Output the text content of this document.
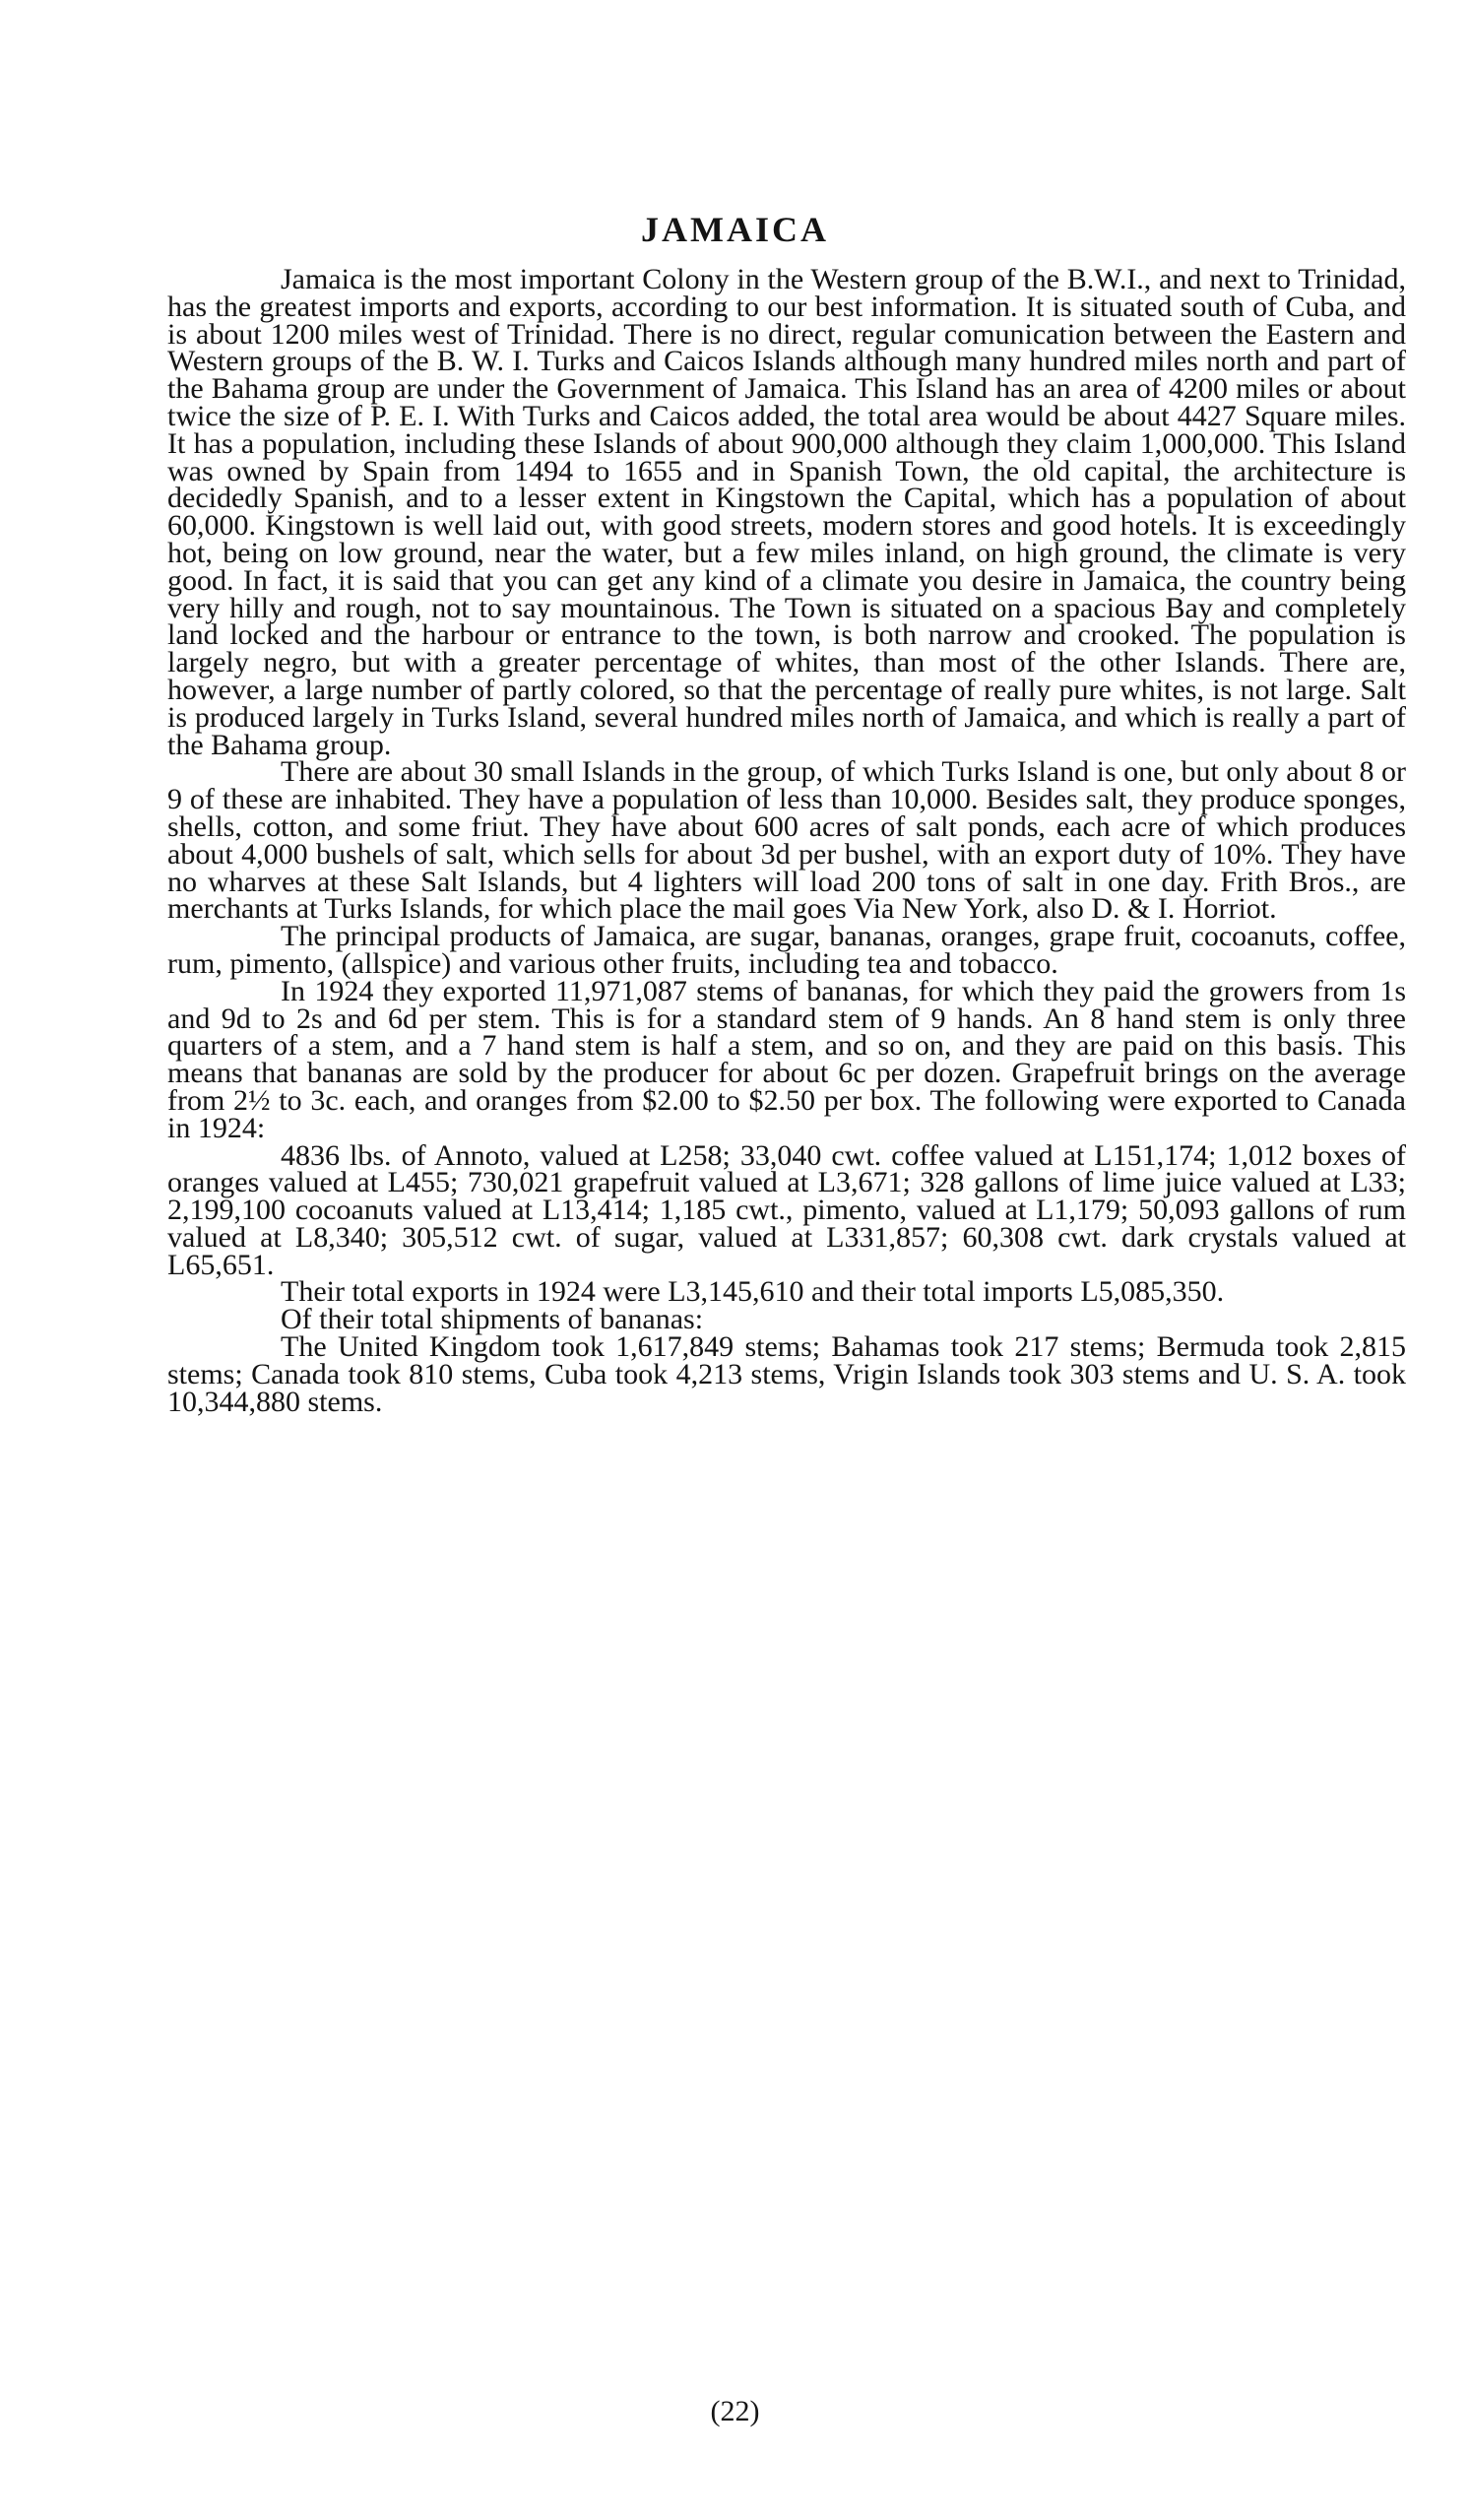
JAMAICA

Jamaica is the most important Colony in the Western group of the B.W.I., and next to Trinidad, has the greatest imports and exports, according to our best information. It is situated south of Cuba, and is about 1200 miles west of Trinidad. There is no direct, regular comunication between the Eastern and Western groups of the B. W. I. Turks and Caicos Islands although many hundred miles north and part of the Bahama group are under the Government of Jamaica. This Island has an area of 4200 miles or about twice the size of P. E. I. With Turks and Caicos added, the total area would be about 4427 Square miles. It has a population, including these Islands of about 900,000 although they claim 1,000,000. This Island was owned by Spain from 1494 to 1655 and in Spanish Town, the old capital, the architecture is decidedly Spanish, and to a lesser extent in Kingstown the Capital, which has a population of about 60,000. Kingstown is well laid out, with good streets, modern stores and good hotels. It is exceedingly hot, being on low ground, near the water, but a few miles inland, on high ground, the climate is very good. In fact, it is said that you can get any kind of a climate you desire in Jamaica, the country being very hilly and rough, not to say mountainous. The Town is situated on a spacious Bay and completely land locked and the harbour or entrance to the town, is both narrow and crooked. The population is largely negro, but with a greater percentage of whites, than most of the other Islands. There are, however, a large number of partly colored, so that the percentage of really pure whites, is not large. Salt is produced largely in Turks Island, several hundred miles north of Jamaica, and which is really a part of the Bahama group.

There are about 30 small Islands in the group, of which Turks Island is one, but only about 8 or 9 of these are inhabited. They have a population of less than 10,000. Besides salt, they produce sponges, shells, cotton, and some friut. They have about 600 acres of salt ponds, each acre of which produces about 4,000 bushels of salt, which sells for about 3d per bushel, with an export duty of 10%. They have no wharves at these Salt Islands, but 4 lighters will load 200 tons of salt in one day. Frith Bros., are merchants at Turks Islands, for which place the mail goes Via New York, also D. & I. Horriot.

The principal products of Jamaica, are sugar, bananas, oranges, grape fruit, cocoanuts, coffee, rum, pimento, (allspice) and various other fruits, including tea and tobacco.

In 1924 they exported 11,971,087 stems of bananas, for which they paid the growers from 1s and 9d to 2s and 6d per stem. This is for a standard stem of 9 hands. An 8 hand stem is only three quarters of a stem, and a 7 hand stem is half a stem, and so on, and they are paid on this basis. This means that bananas are sold by the producer for about 6c per dozen. Grapefruit brings on the average from 2½ to 3c. each, and oranges from $2.00 to $2.50 per box. The following were exported to Canada in 1924:

4836 lbs. of Annoto, valued at L258; 33,040 cwt. coffee valued at L151,174; 1,012 boxes of oranges valued at L455; 730,021 grapefruit valued at L3,671; 328 gallons of lime juice valued at L33; 2,199,100 cocoanuts valued at L13,414; 1,185 cwt., pimento, valued at L1,179; 50,093 gallons of rum valued at L8,340; 305,512 cwt. of sugar, valued at L331,857; 60,308 cwt. dark crystals valued at L65,651.

Their total exports in 1924 were L3,145,610 and their total imports L5,085,350.

Of their total shipments of bananas:

The United Kingdom took 1,617,849 stems; Bahamas took 217 stems; Bermuda took 2,815 stems; Canada took 810 stems, Cuba took 4,213 stems, Vrigin Islands took 303 stems and U. S. A. took 10,344,880 stems.

(22)
